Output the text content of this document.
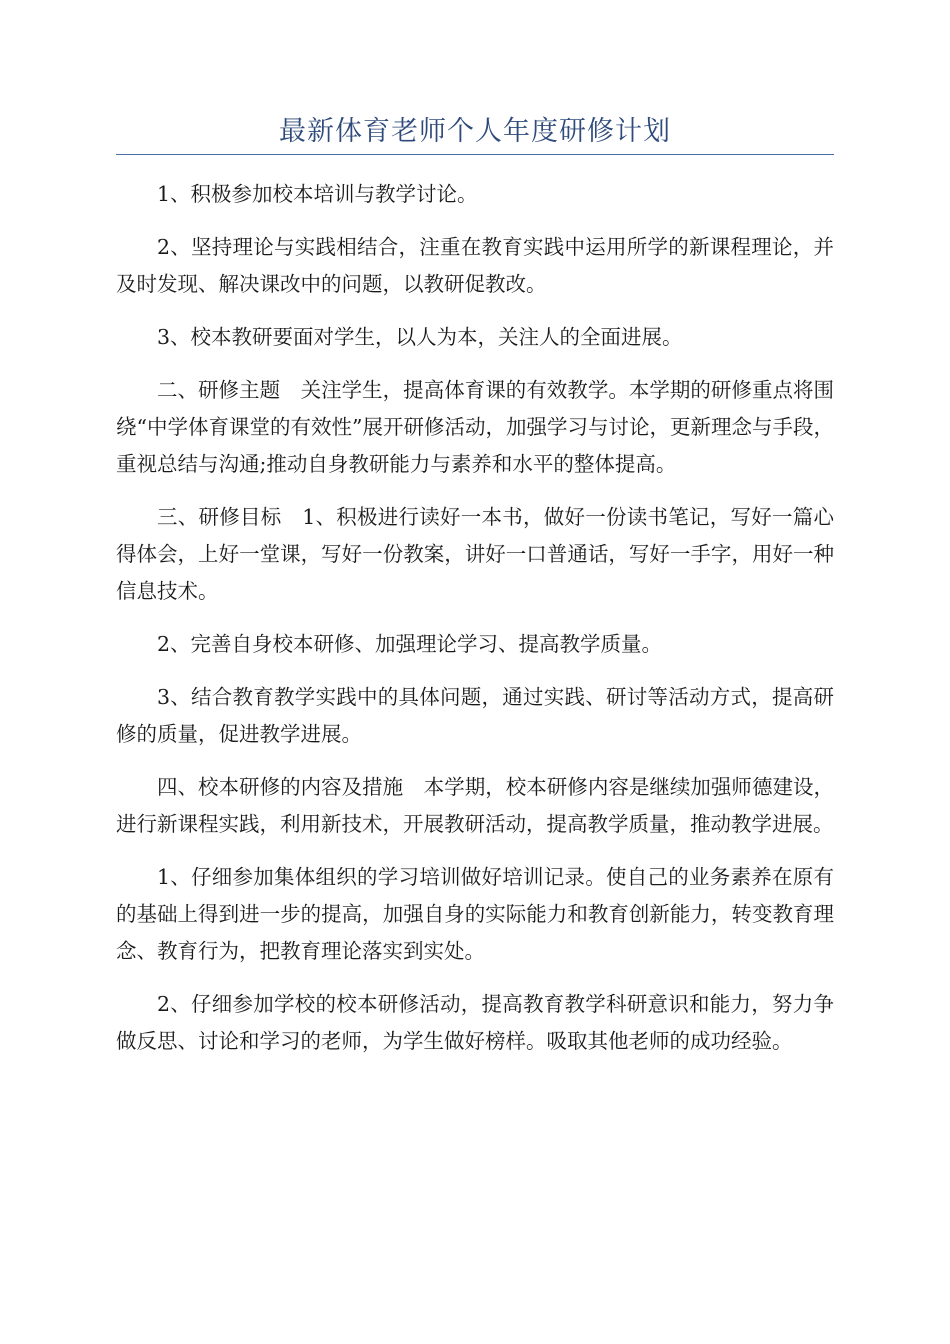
最新体育老师个人年度研修计划

1、积极参加校本培训与教学讨论。

2、坚持理论与实践相结合，注重在教育实践中运用所学的新课程理论，并及时发现、解决课改中的问题，以教研促教改。

3、校本教研要面对学生，以人为本，关注人的全面进展。

二、研修主题　关注学生，提高体育课的有效教学。本学期的研修重点将围绕“中学体育课堂的有效性”展开研修活动，加强学习与讨论，更新理念与手段，重视总结与沟通;推动自身教研能力与素养和水平的整体提高。

三、研修目标　1、积极进行读好一本书，做好一份读书笔记，写好一篇心得体会，上好一堂课，写好一份教案，讲好一口普通话，写好一手字，用好一种信息技术。

2、完善自身校本研修、加强理论学习、提高教学质量。

3、结合教育教学实践中的具体问题，通过实践、研讨等活动方式，提高研修的质量，促进教学进展。

四、校本研修的内容及措施　本学期，校本研修内容是继续加强师德建设，进行新课程实践，利用新技术，开展教研活动，提高教学质量，推动教学进展。

1、仔细参加集体组织的学习培训做好培训记录。使自己的业务素养在原有的基础上得到进一步的提高，加强自身的实际能力和教育创新能力，转变教育理念、教育行为，把教育理论落实到实处。

2、仔细参加学校的校本研修活动，提高教育教学科研意识和能力，努力争做反思、讨论和学习的老师，为学生做好榜样。吸取其他老师的成功经验。
